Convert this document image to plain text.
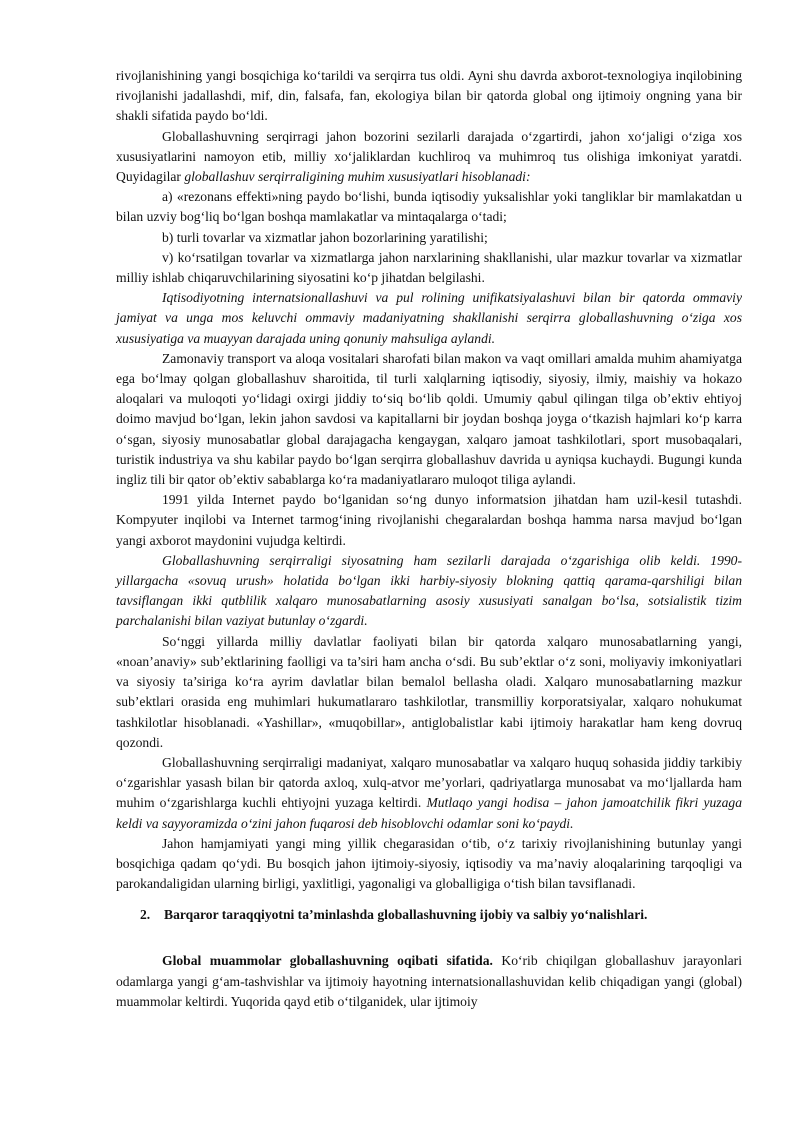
rivojlanishining yangi bosqichiga ko‘tarildi va serqirra tus oldi. Ayni shu davrda axborot-texnologiya inqilobining rivojlanishi jadallashdi, mif, din, falsafa, fan, ekologiya bilan bir qatorda global ong ijtimoiy ongning yana bir shakli sifatida paydo bo‘ldi.

Globallashuvning serqirragi jahon bozorini sezilarli darajada o‘zgartirdi, jahon xo‘jaligi o‘ziga xos xususiyatlarini namoyon etib, milliy xo‘jaliklardan kuchliroq va muhimroq tus olishiga imkoniyat yaratdi. Quyidagilar globallashuv serqirraligining muhim xususiyatlari hisoblanadi:

a) «rezonans effekti»ning paydo bo‘lishi, bunda iqtisodiy yuksalishlar yoki tangliklar bir mamlakatdan u bilan uzviy bog‘liq bo‘lgan boshqa mamlakatlar va mintaqalarga o‘tadi;

b) turli tovarlar va xizmatlar jahon bozorlarining yaratilishi;

v) ko‘rsatilgan tovarlar va xizmatlarga jahon narxlarining shakllanishi, ular mazkur tovarlar va xizmatlar milliy ishlab chiqaruvchilarining siyosatini ko‘p jihatdan belgilashi.

Iqtisodiyotning internatsionallashuvi va pul rolining unifikatsiyalashuvi bilan bir qatorda ommaviy jamiyat va unga mos keluvchi ommaviy madaniyatning shakllanishi serqirra globallashuvning o‘ziga xos xususiyatiga va muayyan darajada uning qonuniy mahsuliga aylandi.

Zamonaviy transport va aloqa vositalari sharofati bilan makon va vaqt omillari amalda muhim ahamiyatga ega bo‘lmay qolgan globallashuv sharoitida, til turli xalqlarning iqtisodiy, siyosiy, ilmiy, maishiy va hokazo aloqalari va muloqoti yo‘lidagi oxirgi jiddiy to‘siq bo‘lib qoldi. Umumiy qabul qilingan tilga ob’ektiv ehtiyoj doimo mavjud bo‘lgan, lekin jahon savdosi va kapitallarni bir joydan boshqa joyga o‘tkazish hajmlari ko‘p karra o‘sgan, siyosiy munosabatlar global darajagacha kengaygan, xalqaro jamoat tashkilotlari, sport musobaqalari, turistik industriya va shu kabilar paydo bo‘lgan serqirra globallashuv davrida u ayniqsa kuchaydi. Bugungi kunda ingliz tili bir qator ob’ektiv sabablarga ko‘ra madaniyatlararo muloqot tiliga aylandi.

1991 yilda Internet paydo bo‘lganidan so‘ng dunyo informatsion jihatdan ham uzil-kesil tutashdi. Kompyuter inqilobi va Internet tarmog‘ining rivojlanishi chegaralardan boshqa hamma narsa mavjud bo‘lgan yangi axborot maydonini vujudga keltirdi.

Globallashuvning serqirraligi siyosatning ham sezilarli darajada o‘zgarishiga olib keldi. 1990-yillargacha «sovuq urush» holatida bo‘lgan ikki harbiy-siyosiy blokning qattiq qarama-qarshiligi bilan tavsiflangan ikki qutblilik xalqaro munosabatlarning asosiy xususiyati sanalgan bo‘lsa, sotsialistik tizim parchalanishi bilan vaziyat butunlay o‘zgardi.

So‘nggi yillarda milliy davlatlar faoliyati bilan bir qatorda xalqaro munosabatlarning yangi, «noan’anaviy» sub’ektlarining faolligi va ta’siri ham ancha o‘sdi. Bu sub’ektlar o‘z soni, moliyaviy imkoniyatlari va siyosiy ta’siriga ko‘ra ayrim davlatlar bilan bemalol bellasha oladi. Xalqaro munosabatlarning mazkur sub’ektlari orasida eng muhimlari hukumatlararo tashkilotlar, transmilliy korporatsiyalar, xalqaro nohukumat tashkilotlar hisoblanadi. «Yashillar», «muqobillar», antiglobalistlar kabi ijtimoiy harakatlar ham keng dovruq qozondi.

Globallashuvning serqirraligi madaniyat, xalqaro munosabatlar va xalqaro huquq sohasida jiddiy tarkibiy o‘zgarishlar yasash bilan bir qatorda axloq, xulq-atvor me’yorlari, qadriyatlarga munosabat va mo‘ljallarda ham muhim o‘zgarishlarga kuchli ehtiyojni yuzaga keltirdi. Mutlaqo yangi hodisa – jahon jamoatchilik fikri yuzaga keldi va sayyoramizda o‘zini jahon fuqarosi deb hisoblovchi odamlar soni ko‘paydi.

Jahon hamjamiyati yangi ming yillik chegarasidan o‘tib, o‘z tarixiy rivojlanishining butunlay yangi bosqichiga qadam qo‘ydi. Bu bosqich jahon ijtimoiy-siyosiy, iqtisodiy va ma’naviy aloqalarining tarqoqligi va parokandaligidan ularning birligi, yaxlitligi, yagonaligi va globalligiga o‘tish bilan tavsiflanadi.

2. Barqaror taraqqiyotni ta’minlashda globallashuvning ijobiy va salbiy yo‘nalishlari.

Global muammolar globallashuvning oqibati sifatida. Ko‘rib chiqilgan globallashuv jarayonlari odamlarga yangi g‘am-tashvishlar va ijtimoiy hayotning internatsionallashuvidan kelib chiqadigan yangi (global) muammolar keltirdi. Yuqorida qayd etib o‘tilganidek, ular ijtimoiy
